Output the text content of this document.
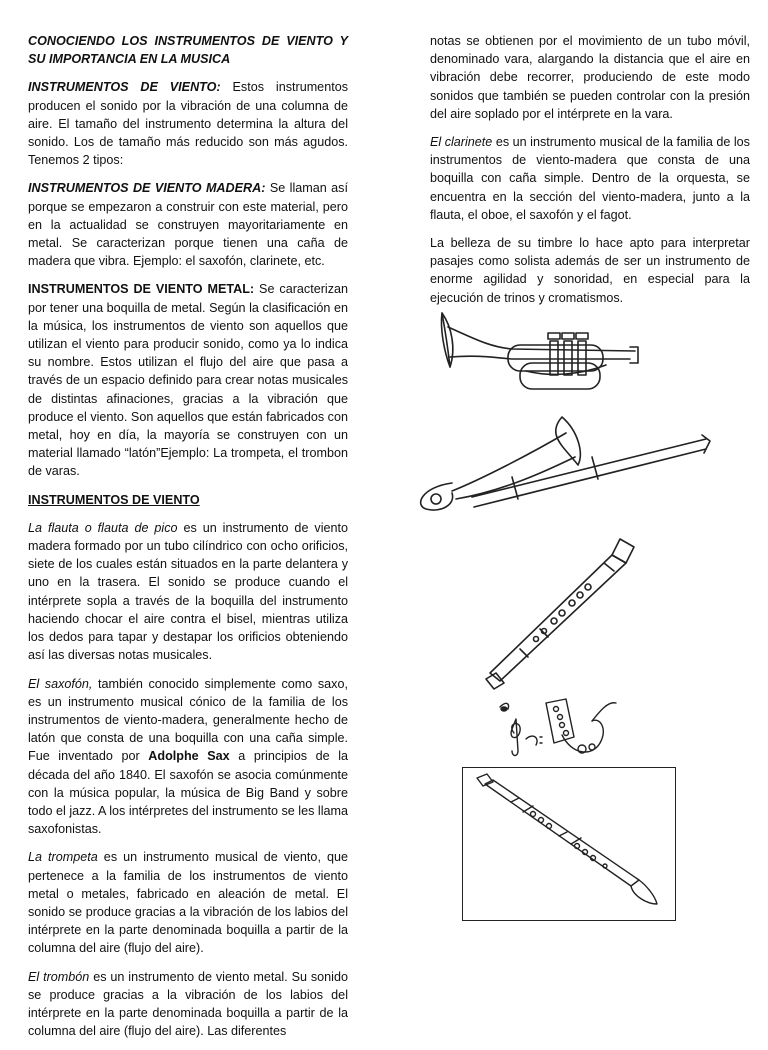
CONOCIENDO LOS INSTRUMENTOS DE VIENTO Y SU IMPORTANCIA EN LA MUSICA

INSTRUMENTOS DE VIENTO: Estos instrumentos producen el sonido por la vibración de una columna de aire. El tamaño del instrumento determina la altura del sonido. Los de tamaño más reducido son más agudos. Tenemos 2 tipos:

INSTRUMENTOS DE VIENTO MADERA: Se llaman así porque se empezaron a construir con este material, pero en la actualidad se construyen mayoritariamente en metal. Se caracterizan porque tienen una caña de madera que vibra. Ejemplo: el saxofón, clarinete, etc.

INSTRUMENTOS DE VIENTO METAL: Se caracterizan por tener una boquilla de metal. Según la clasificación en la música, los instrumentos de viento son aquellos que utilizan el viento para producir sonido, como ya lo indica su nombre. Estos utilizan el flujo del aire que pasa a través de un espacio definido para crear notas musicales de distintas afinaciones, gracias a la vibración que produce el viento. Son aquellos que están fabricados con metal, hoy en día, la mayoría se construyen con un material llamado “latón”Ejemplo: La trompeta, el trombon de varas.

INSTRUMENTOS DE VIENTO

La flauta o flauta de pico es un instrumento de viento madera formado por un tubo cilíndrico con ocho orificios, siete de los cuales están situados en la parte delantera y uno en la trasera. El sonido se produce cuando el intérprete sopla a través de la boquilla del instrumento haciendo chocar el aire contra el bisel, mientras utiliza los dedos para tapar y destapar los orificios obteniendo así las diversas notas musicales.

El saxofón, también conocido simplemente como saxo, es un instrumento musical cónico de la familia de los instrumentos de viento-madera, generalmente hecho de latón que consta de una boquilla con una caña simple. Fue inventado por Adolphe Sax a principios de la década del año 1840. El saxofón se asocia comúnmente con la música popular, la música de Big Band y sobre todo el jazz. A los intérpretes del instrumento se les llama saxofonistas.

La trompeta es un instrumento musical de viento, que pertenece a la familia de los instrumentos de viento metal o metales, fabricado en aleación de metal. El sonido se produce gracias a la vibración de los labios del intérprete en la parte denominada boquilla a partir de la columna del aire (flujo del aire).

El trombón es un instrumento de viento metal. Su sonido se produce gracias a la vibración de los labios del intérprete en la parte denominada boquilla a partir de la columna del aire (flujo del aire). Las diferentes

notas se obtienen por el movimiento de un tubo móvil, denominado vara, alargando la distancia que el aire en vibración debe recorrer, produciendo de este modo sonidos que también se pueden controlar con la presión del aire soplado por el intérprete en la vara.

El clarinete es un instrumento musical de la familia de los instrumentos de viento-madera que consta de una boquilla con caña simple. Dentro de la orquesta, se encuentra en la sección del viento-madera, junto a la flauta, el oboe, el saxofón y el fagot.

La belleza de su timbre lo hace apto para interpretar pasajes como solista además de ser un instrumento de enorme agilidad y sonoridad, en especial para la ejecución de trinos y cromatismos.
